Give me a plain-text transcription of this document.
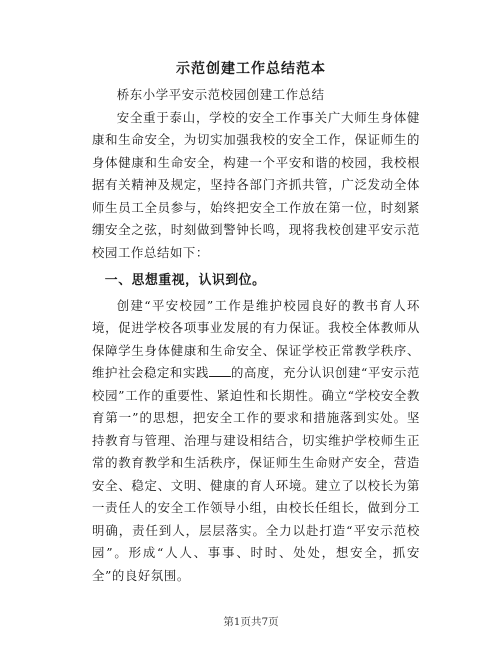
示范创建工作总结范本

桥东小学平安示范校园创建工作总结

安全重于泰山，学校的安全工作事关广大师生身体健康和生命安全，为切实加强我校的安全工作，保证师生的身体健康和生命安全，构建一个平安和谐的校园，我校根据有关精神及规定，坚持各部门齐抓共管，广泛发动全体师生员工全员参与，始终把安全工作放在第一位，时刻紧绷安全之弦，时刻做到警钟长鸣，现将我校创建平安示范校园工作总结如下：

一、思想重视，认识到位。

创建“平安校园”工作是维护校园良好的教书育人环境，促进学校各项事业发展的有力保证。我校全体教师从保障学生身体健康和生命安全、保证学校正常教学秩序、维护社会稳定和实践 的高度，充分认识创建“平安示范校园”工作的重要性、紧迫性和长期性。确立“学校安全教育第一”的思想，把安全工作的要求和措施落到实处。坚持教育与管理、治理与建设相结合，切实维护学校师生正常的教育教学和生活秩序，保证师生生命财产安全，营造安全、稳定、文明、健康的育人环境。建立了以校长为第一责任人的安全工作领导小组，由校长任组长，做到分工明确，责任到人，层层落实。全力以赴打造“平安示范校园”。形成“人人、事事、时时、处处，想安全，抓安全”的良好氛围。

第1页共7页
